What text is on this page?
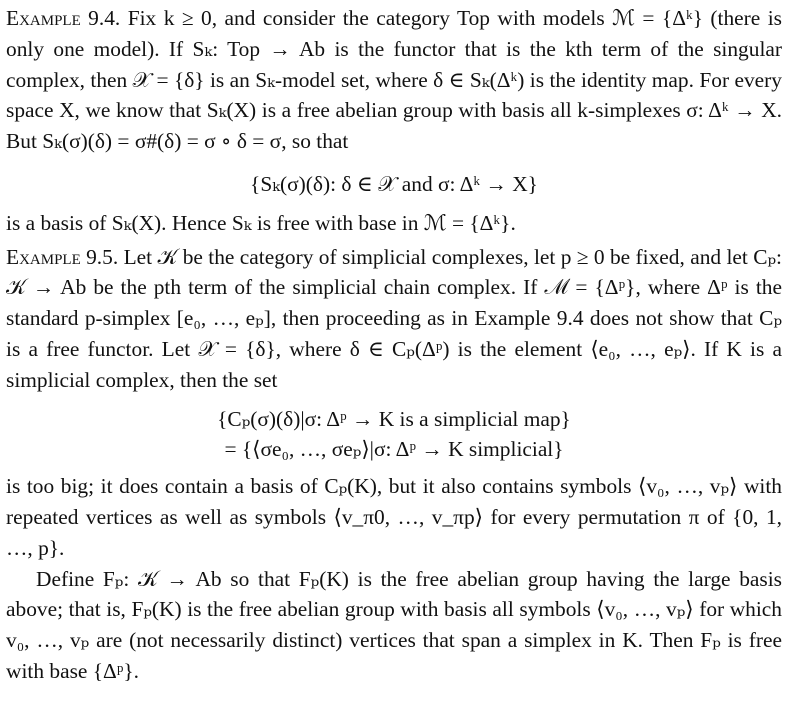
Example 9.4. Fix k ≥ 0, and consider the category Top with models ℳ = {Δᵏ} (there is only one model). If Sₖ: Top → Ab is the functor that is the kth term of the singular complex, then 𝒳 = {δ} is an Sₖ-model set, where δ ∈ Sₖ(Δᵏ) is the identity map. For every space X, we know that Sₖ(X) is a free abelian group with basis all k-simplexes σ: Δᵏ → X. But Sₖ(σ)(δ) = σ#(δ) = σ ∘ δ = σ, so that

{Sₖ(σ)(δ): δ ∈ 𝒳 and σ: Δᵏ → X}

is a basis of Sₖ(X). Hence Sₖ is free with base in ℳ = {Δᵏ}.

Example 9.5. Let 𝒦 be the category of simplicial complexes, let p ≥ 0 be fixed, and let Cₚ: 𝒦 → Ab be the pth term of the simplicial chain complex. If ℳ = {Δᵖ}, where Δᵖ is the standard p-simplex [e₀, …, eₚ], then proceeding as in Example 9.4 does not show that Cₚ is a free functor. Let 𝒳 = {δ}, where δ ∈ Cₚ(Δᵖ) is the element ⟨e₀, …, eₚ⟩. If K is a simplicial complex, then the set

{Cₚ(σ)(δ)|σ: Δᵖ → K is a simplicial map}

= {⟨σe₀, …, σeₚ⟩|σ: Δᵖ → K simplicial}

is too big; it does contain a basis of Cₚ(K), but it also contains symbols ⟨v₀, …, vₚ⟩ with repeated vertices as well as symbols ⟨v_π0, …, v_πp⟩ for every permutation π of {0, 1, …, p}.

Define Fₚ: 𝒦 → Ab so that Fₚ(K) is the free abelian group having the large basis above; that is, Fₚ(K) is the free abelian group with basis all symbols ⟨v₀, …, vₚ⟩ for which v₀, …, vₚ are (not necessarily distinct) vertices that span a simplex in K. Then Fₚ is free with base {Δᵖ}.
